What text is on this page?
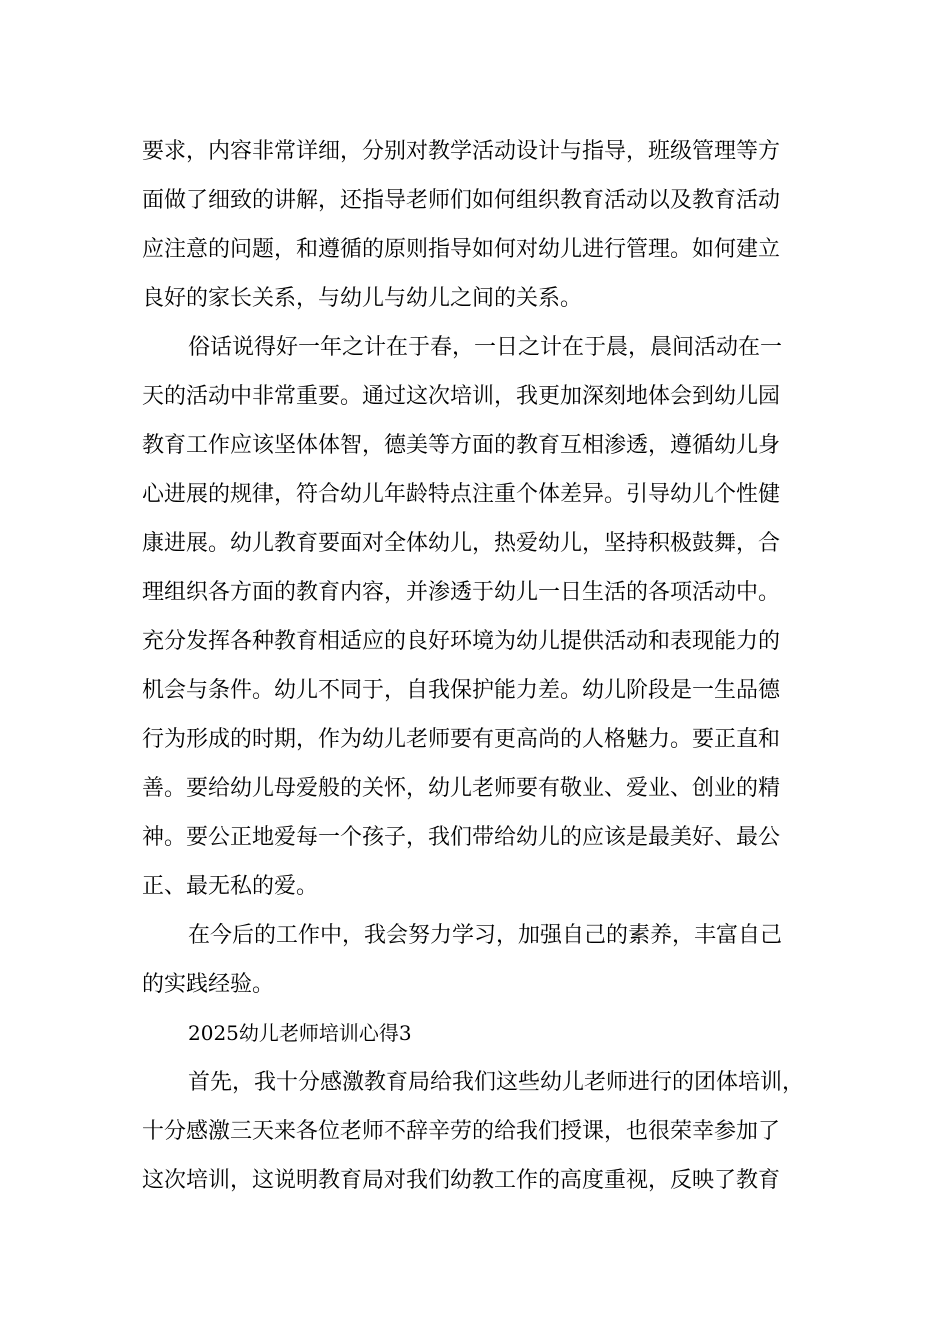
要求，内容非常详细，分别对教学活动设计与指导，班级管理等方
面做了细致的讲解，还指导老师们如何组织教育活动以及教育活动
应注意的问题，和遵循的原则指导如何对幼儿进行管理。如何建立
良好的家长关系，与幼儿与幼儿之间的关系。
俗话说得好一年之计在于春，一日之计在于晨，晨间活动在一
天的活动中非常重要。通过这次培训，我更加深刻地体会到幼儿园
教育工作应该坚体体智，德美等方面的教育互相渗透，遵循幼儿身
心进展的规律，符合幼儿年龄特点注重个体差异。引导幼儿个性健
康进展。幼儿教育要面对全体幼儿，热爱幼儿，坚持积极鼓舞，合
理组织各方面的教育内容，并渗透于幼儿一日生活的各项活动中。
充分发挥各种教育相适应的良好环境为幼儿提供活动和表现能力的
机会与条件。幼儿不同于，自我保护能力差。幼儿阶段是一生品德
行为形成的时期，作为幼儿老师要有更高尚的人格魅力。要正直和
善。要给幼儿母爱般的关怀，幼儿老师要有敬业、爱业、创业的精
神。要公正地爱每一个孩子，我们带给幼儿的应该是最美好、最公
正、最无私的爱。
在今后的工作中，我会努力学习，加强自己的素养，丰富自己
的实践经验。
2025幼儿老师培训心得3
首先，我十分感激教育局给我们这些幼儿老师进行的团体培训，
十分感激三天来各位老师不辞辛劳的给我们授课，也很荣幸参加了
这次培训，这说明教育局对我们幼教工作的高度重视，反映了教育
